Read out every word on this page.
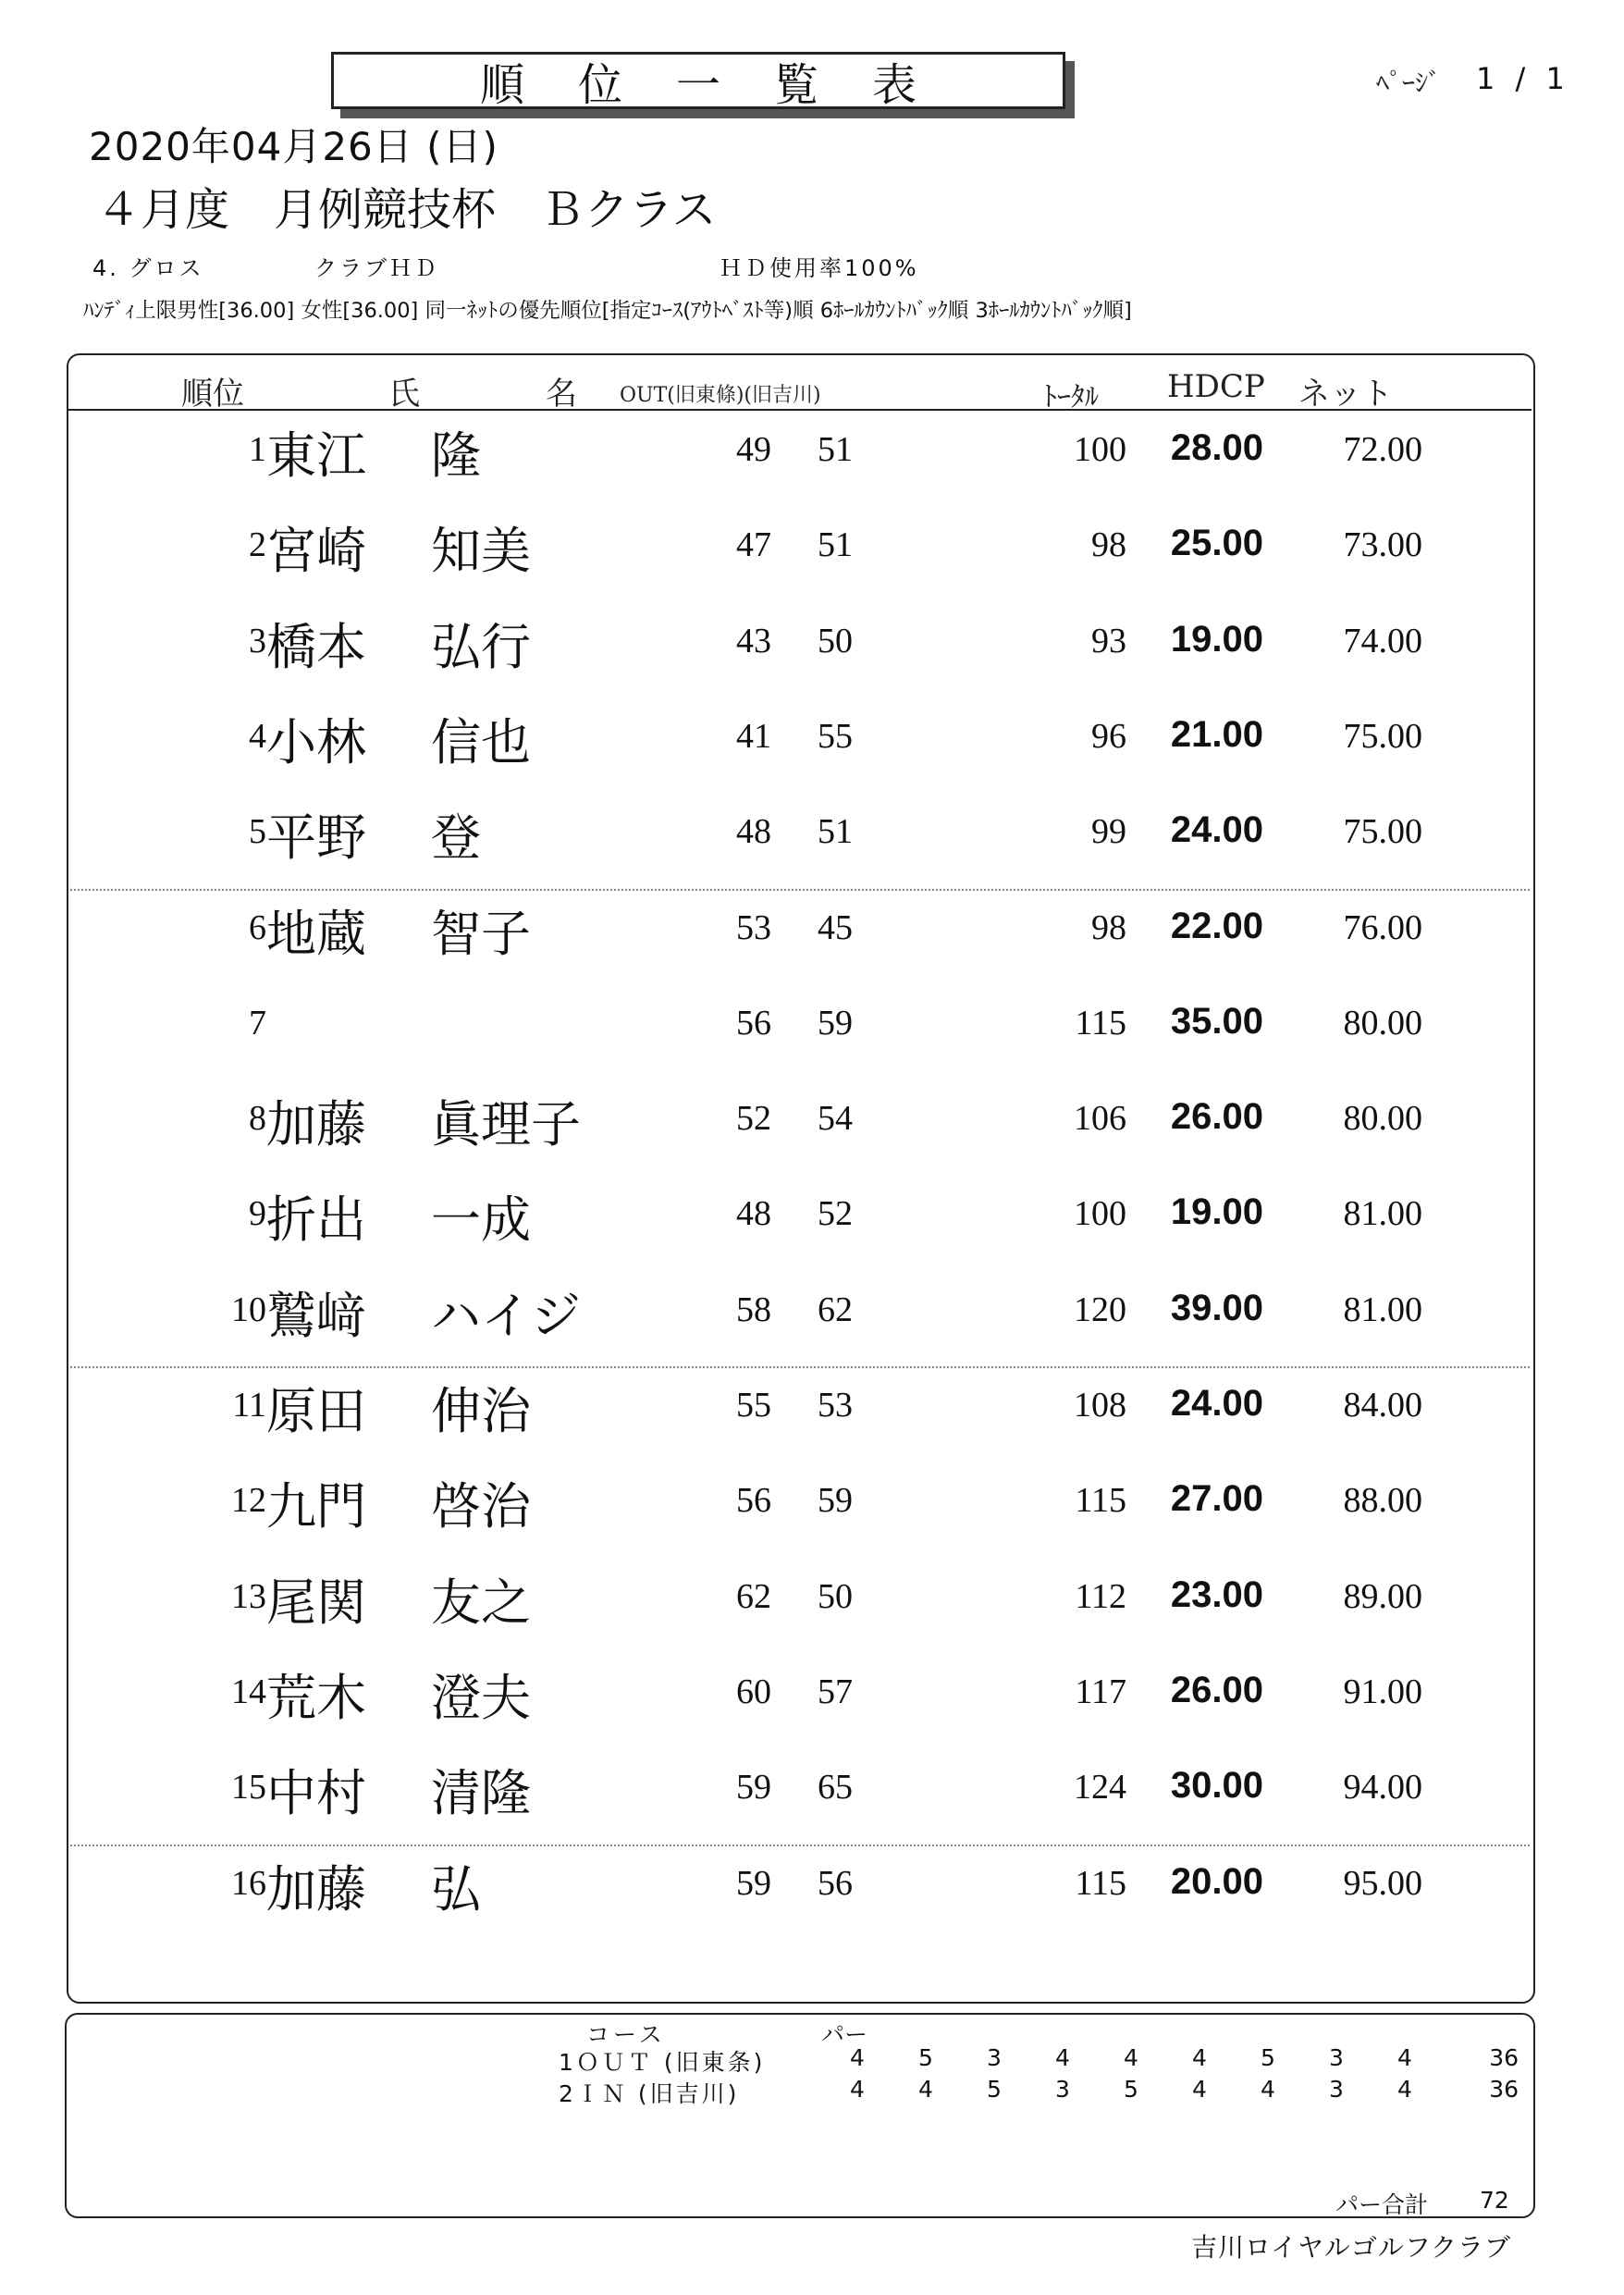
順位一覧表	ﾍﾟｰｼﾞ 1 / 1
2020年04月26日 (日)
４月度　月例競技杯　Ｂクラス
4. グロス	クラブＨＤ	ＨＤ使用率100%
ﾊﾝﾃﾞｨ上限男性[36.00] 女性[36.00] 同一ﾈｯﾄの優先順位[指定ｺｰｽ(ｱｳﾄﾍﾞｽﾄ等)順 6ﾎｰﾙｶｳﾝﾄﾊﾞｯｸ順 3ﾎｰﾙｶｳﾝﾄﾊﾞｯｸ順]
順位	氏	名 OUT(旧東條)(旧吉川)	ﾄｰﾀﾙ HDCP ネット
1 東江 隆	49	51	100	28.00	72.00
2 宮崎 知美	47	51	98	25.00	73.00
3 橋本 弘行	43	50	93	19.00	74.00
4 小林 信也	41	55	96	21.00	75.00
5 平野 登	48	51	99	24.00	75.00
6 地蔵 智子	53	45	98	22.00	76.00
7	56	59	115	35.00	80.00
8 加藤 眞理子	52	54	106	26.00	80.00
9 折出 一成	48	52	100	19.00	81.00
10 鷲﨑 ハイジ	58	62	120	39.00	81.00
11 原田 伸治	55	53	108	24.00	84.00
12 九門 啓治	56	59	115	27.00	88.00
13 尾関 友之	62	50	112	23.00	89.00
14 荒木 澄夫	60	57	117	26.00	91.00
15 中村 清隆	59	65	124	30.00	94.00
16 加藤 弘	59	56	115	20.00	95.00
コース	パー
1ＯＵＴ (旧東条)	4 5 3 4 4 4 5 3 4	36
2ＩＮ (旧吉川)	4 4 5 3 5 4 4 3 4	36
パー合計 72
吉川ロイヤルゴルフクラブ
